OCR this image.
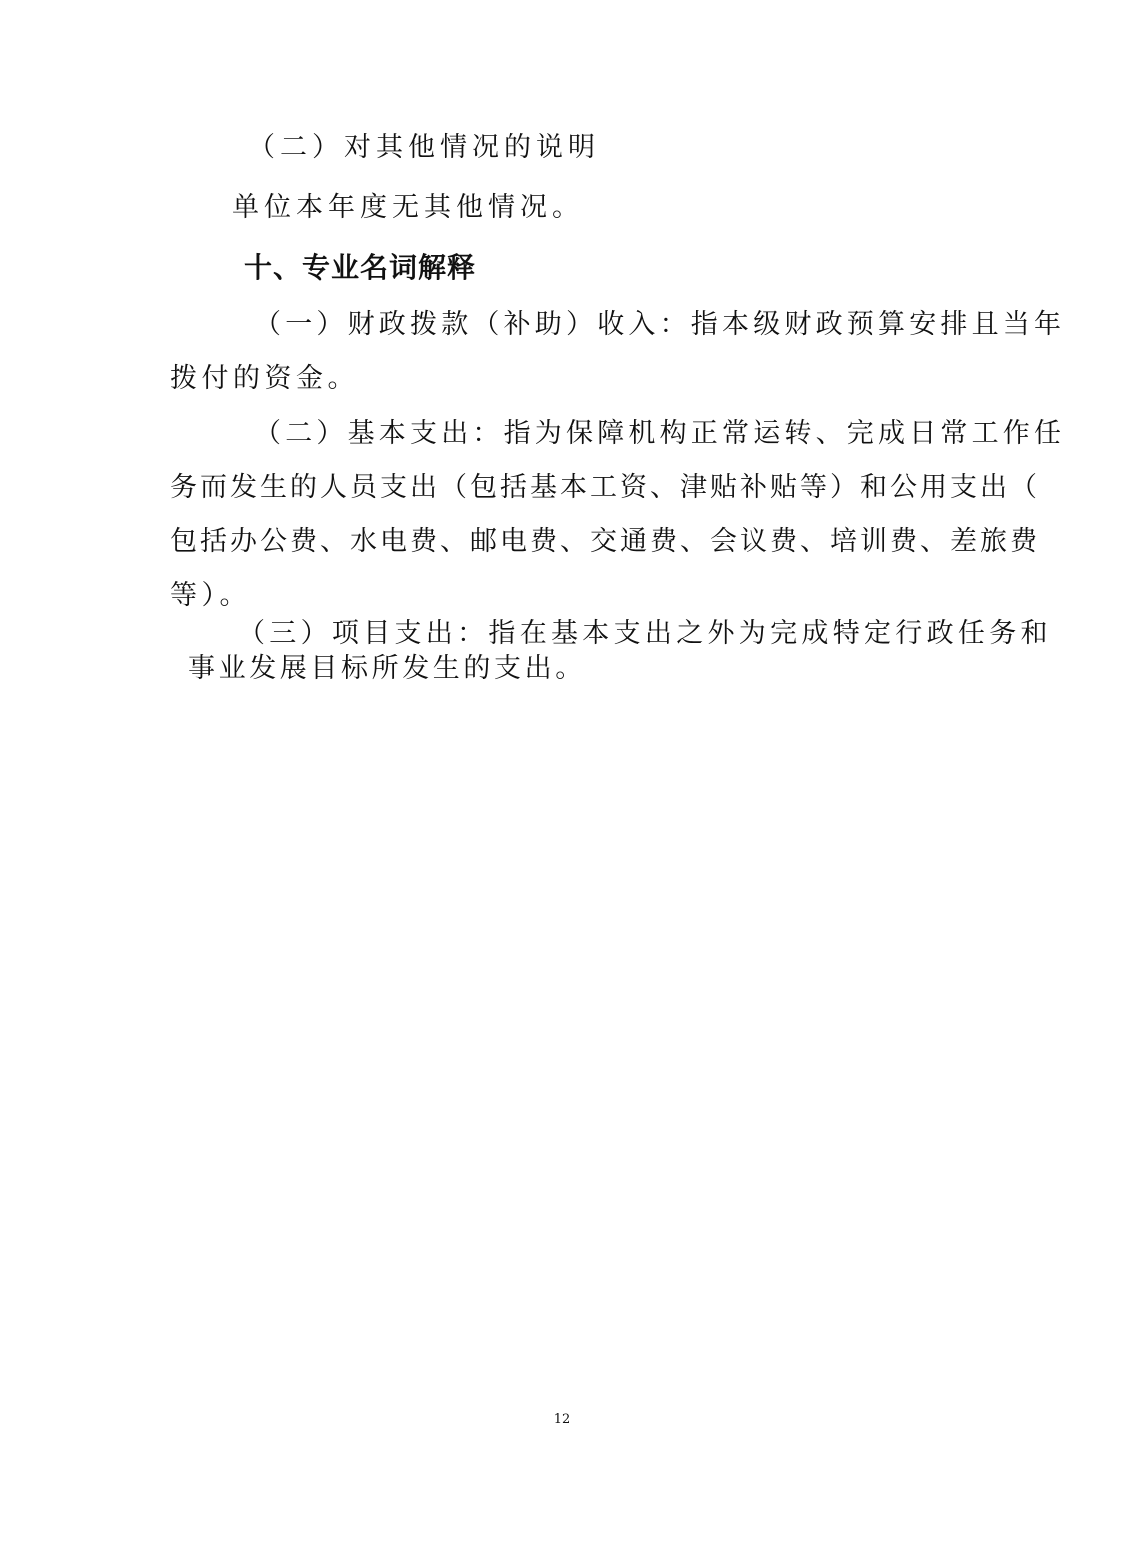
（二）对其他情况的说明
单位本年度无其他情况。
十、专业名词解释
（一）财政拨款（补助）收入：指本级财政预算安排且当年
拨付的资金。
（二）基本支出：指为保障机构正常运转、完成日常工作任
务而发生的人员支出（包括基本工资、津贴补贴等）和公用支出（
包括办公费、水电费、邮电费、交通费、会议费、培训费、差旅费
等）。
（三）项目支出：指在基本支出之外为完成特定行政任务和
事业发展目标所发生的支出。
12
